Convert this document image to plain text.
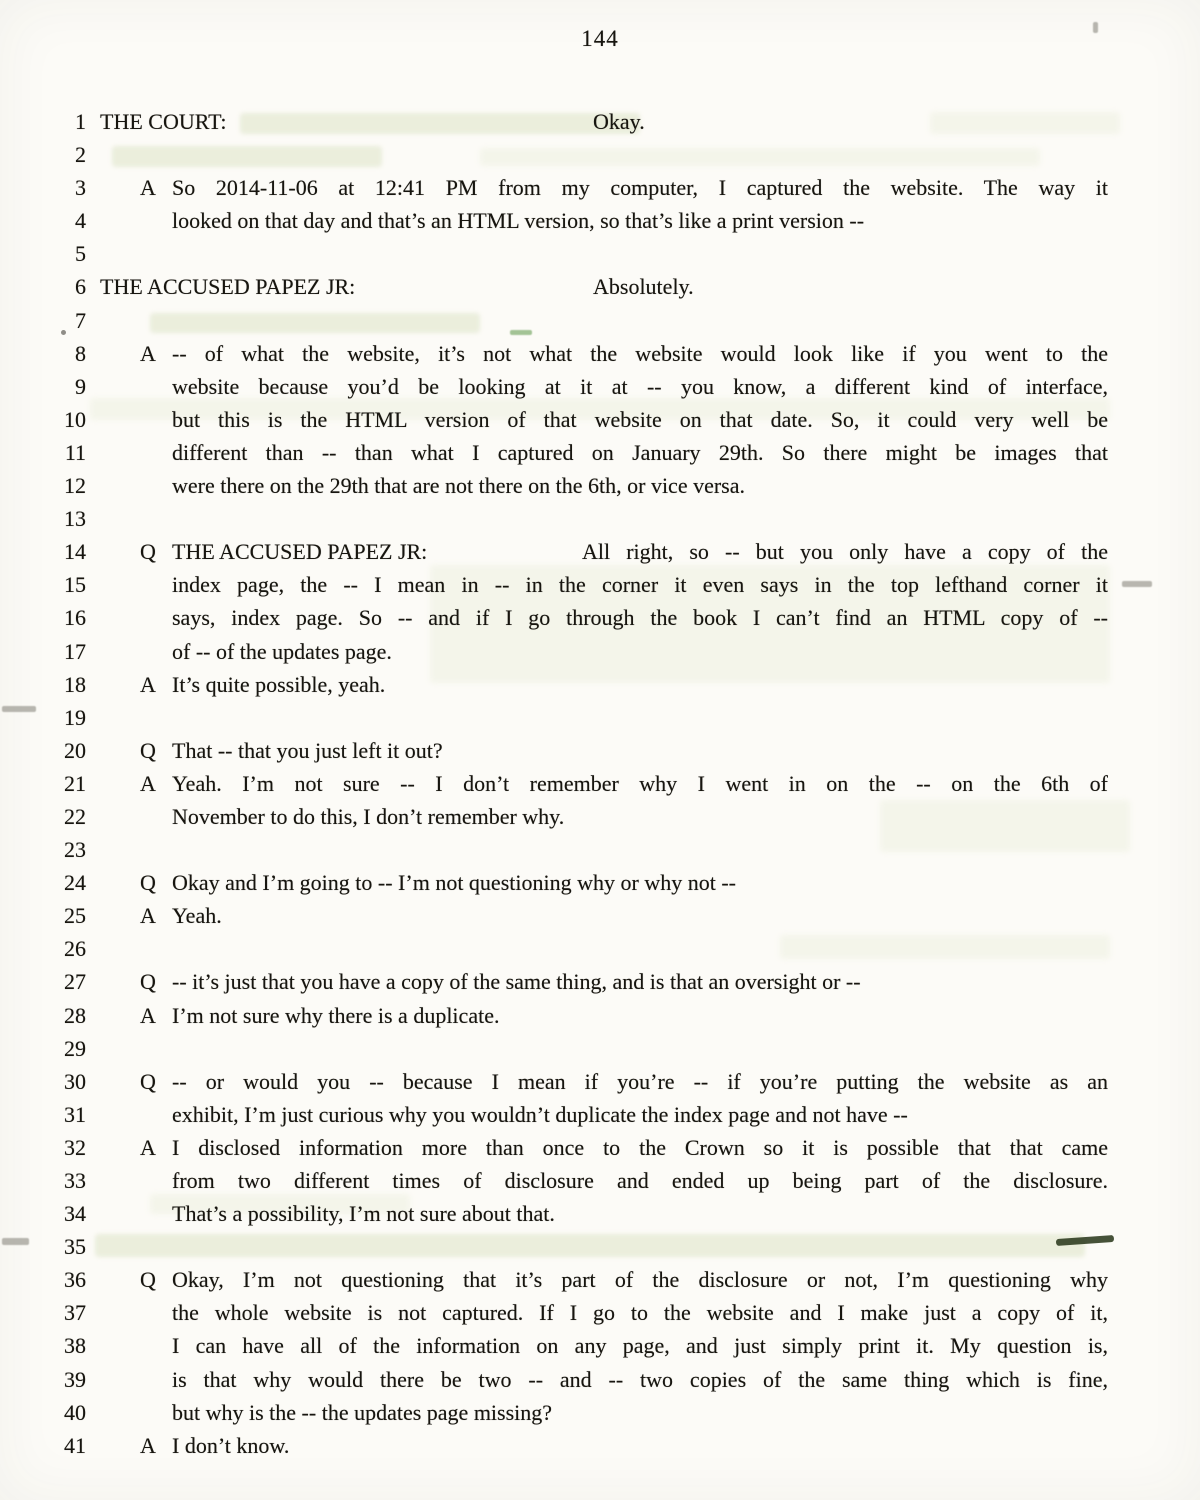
144
1 THE COURT:	Okay.
2
3 A So 2014-11-06 at 12:41 PM from my computer, I captured the website. The way it
4	looked on that day and that’s an HTML version, so that’s like a print version --
5
6 THE ACCUSED PAPEZ JR:	Absolutely.
7
8 A -- of what the website, it’s not what the website would look like if you went to the
9	website because you’d be looking at it at -- you know, a different kind of interface,
10	but this is the HTML version of that website on that date. So, it could very well be
11	different than -- than what I captured on January 29th. So there might be images that
12	were there on the 29th that are not there on the 6th, or vice versa.
13
14 Q THE ACCUSED PAPEZ JR:	All right, so -- but you only have a copy of the
15	index page, the -- I mean in -- in the corner it even says in the top lefthand corner it
16	says, index page. So -- and if I go through the book I can’t find an HTML copy of --
17	of -- of the updates page.
18 A It’s quite possible, yeah.
19
20 Q That -- that you just left it out?
21 A Yeah. I’m not sure -- I don’t remember why I went in on the -- on the 6th of
22	November to do this, I don’t remember why.
23
24 Q Okay and I’m going to -- I’m not questioning why or why not --
25 A Yeah.
26
27 Q -- it’s just that you have a copy of the same thing, and is that an oversight or --
28 A I’m not sure why there is a duplicate.
29
30 Q -- or would you -- because I mean if you’re -- if you’re putting the website as an
31	exhibit, I’m just curious why you wouldn’t duplicate the index page and not have --
32 A I disclosed information more than once to the Crown so it is possible that that came
33	from two different times of disclosure and ended up being part of the disclosure.
34	That’s a possibility, I’m not sure about that.
35
36 Q Okay, I’m not questioning that it’s part of the disclosure or not, I’m questioning why
37	the whole website is not captured. If I go to the website and I make just a copy of it,
38	I can have all of the information on any page, and just simply print it. My question is,
39	is that why would there be two -- and -- two copies of the same thing which is fine,
40	but why is the -- the updates page missing?
41 A I don’t know.
